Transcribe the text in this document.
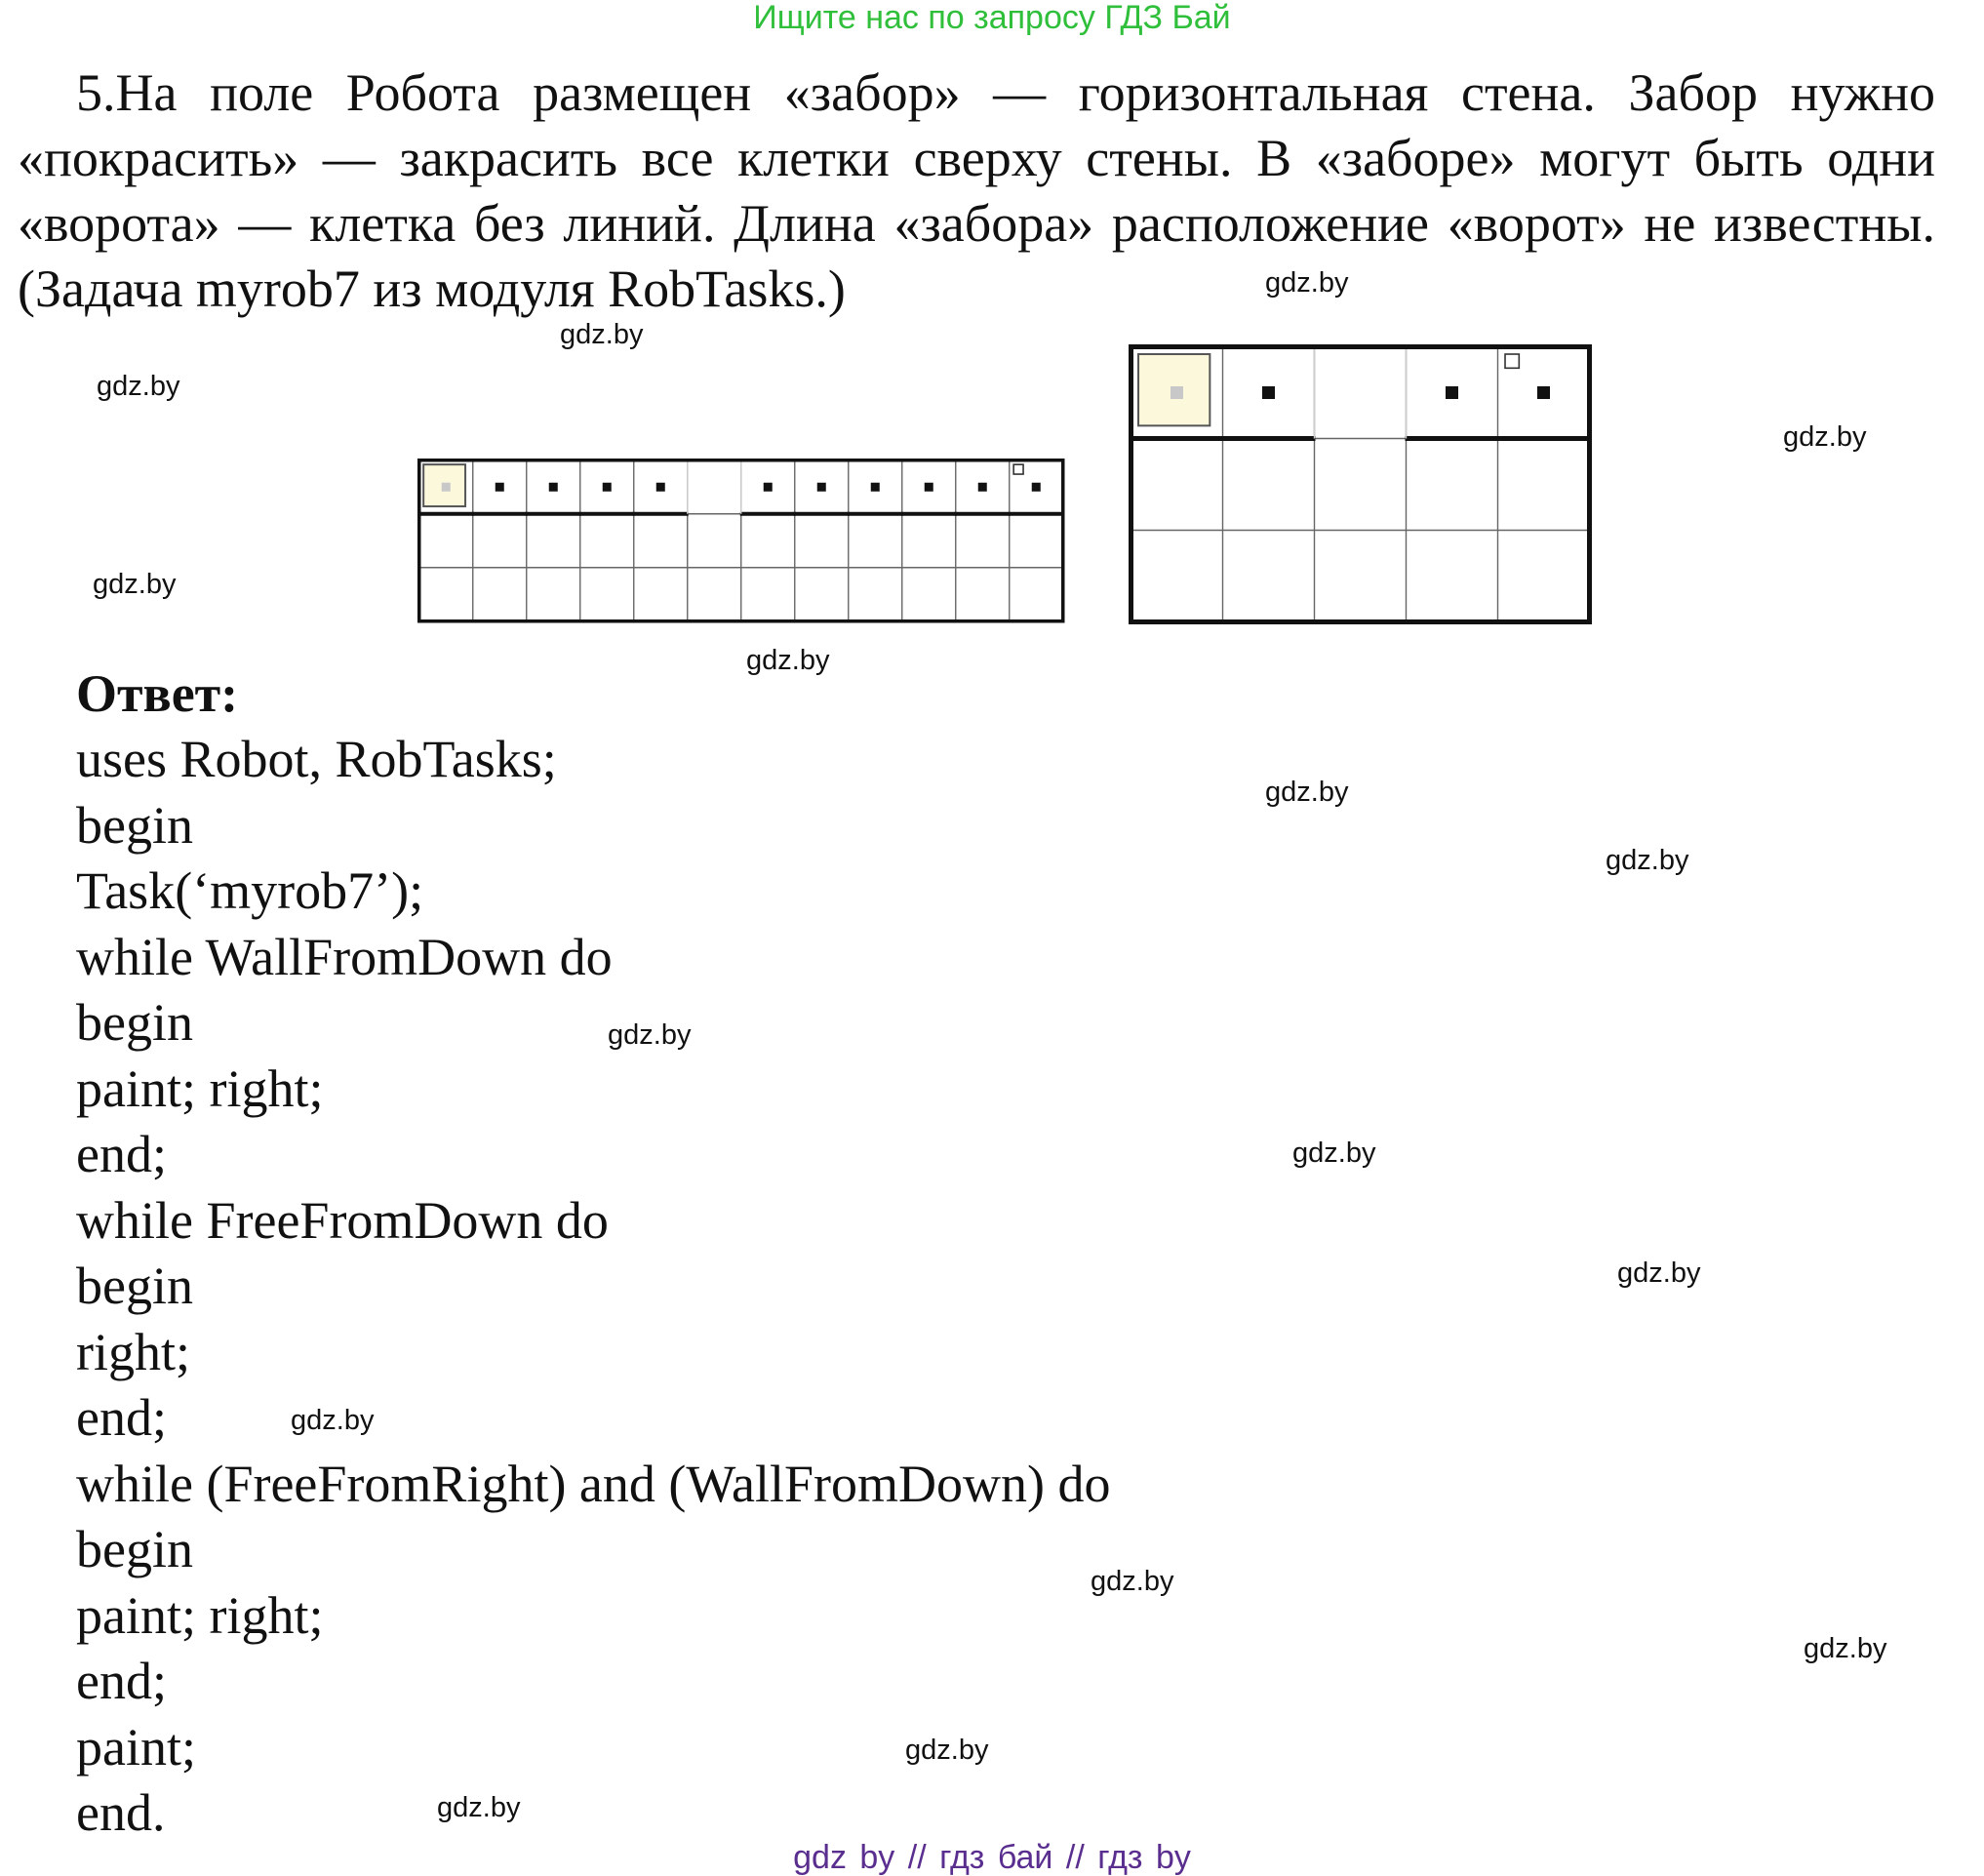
Ищите нас по запросу ГДЗ Бай
5.На поле Робота размещен «забор» — горизонтальная стена. Забор нужно «покрасить» — закрасить все клетки сверху стены. В «заборе» могут быть одни «ворота» — клетка без линий. Длина «забора» расположение «ворот» не известны. (Задача myrob7 из модуля RobTasks.)	gdz.by
gdz.by
gdz.by
gdz.by
gdz.by
gdz.by
gdz.by
gdz.by
gdz.by
gdz.by
gdz.by
gdz.by
gdz.by
gdz.by
gdz.by
gdz.by
Ответ:
uses Robot, RobTasks;
begin
Task(‘myrob7’);
while WallFromDown do
begin
paint; right;
end;
while FreeFromDown do
begin
right;
end;
while (FreeFromRight) and (WallFromDown) do
begin
paint; right;
end;
paint;
end.
gdz by // гдз бай // гдз by
